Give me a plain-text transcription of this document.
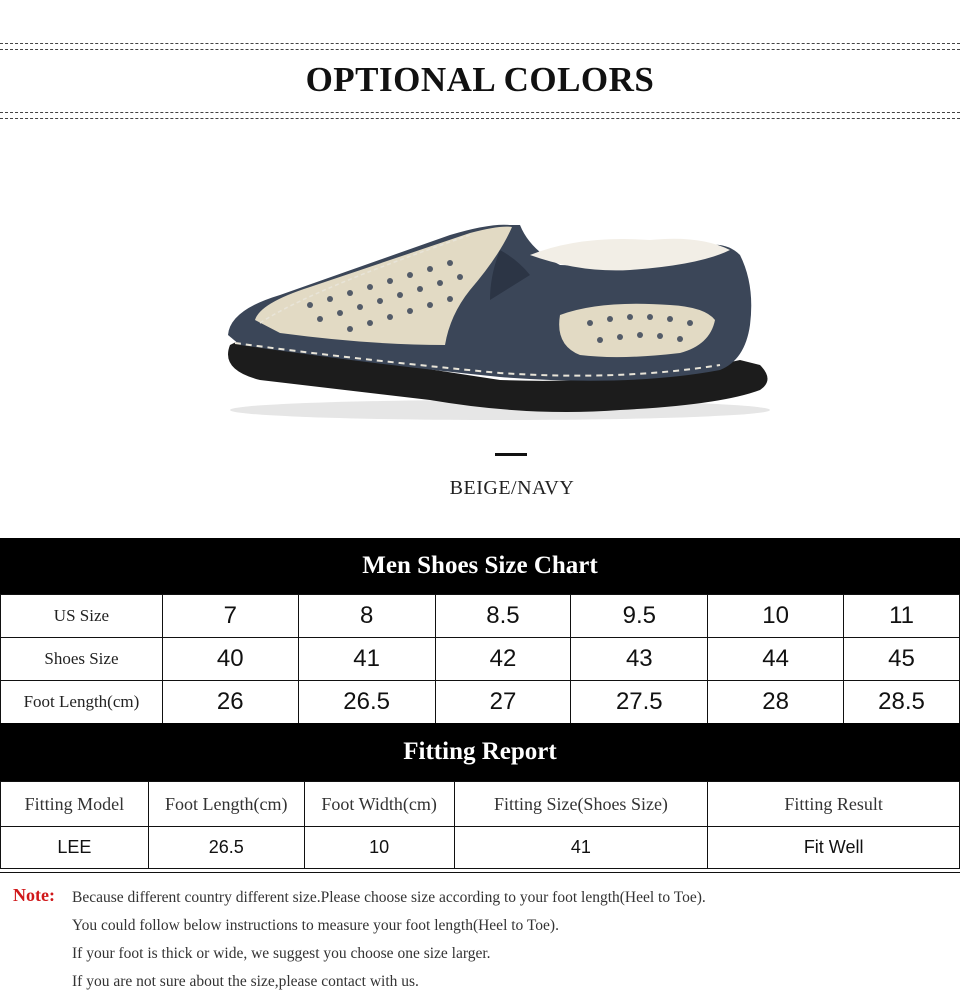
OPTIONAL COLORS
BEIGE/NAVY
Men Shoes Size Chart
US Size	7	8	8.5	9.5	10	11
Shoes Size	40	41	42	43	44	45
Foot Length(cm)	26	26.5	27	27.5	28	28.5
Fitting Report
Fitting Model	Foot Length(cm)	Foot Width(cm)	Fitting Size(Shoes Size)	Fitting Result
LEE	26.5	10	41	Fit Well
Note: Because different country different size.Please choose size according to your foot length(Heel to Toe).
You could follow below instructions to measure your foot length(Heel to Toe).
If your foot is thick or wide, we suggest you choose one size larger.
If you are not sure about the size,please contact with us.
